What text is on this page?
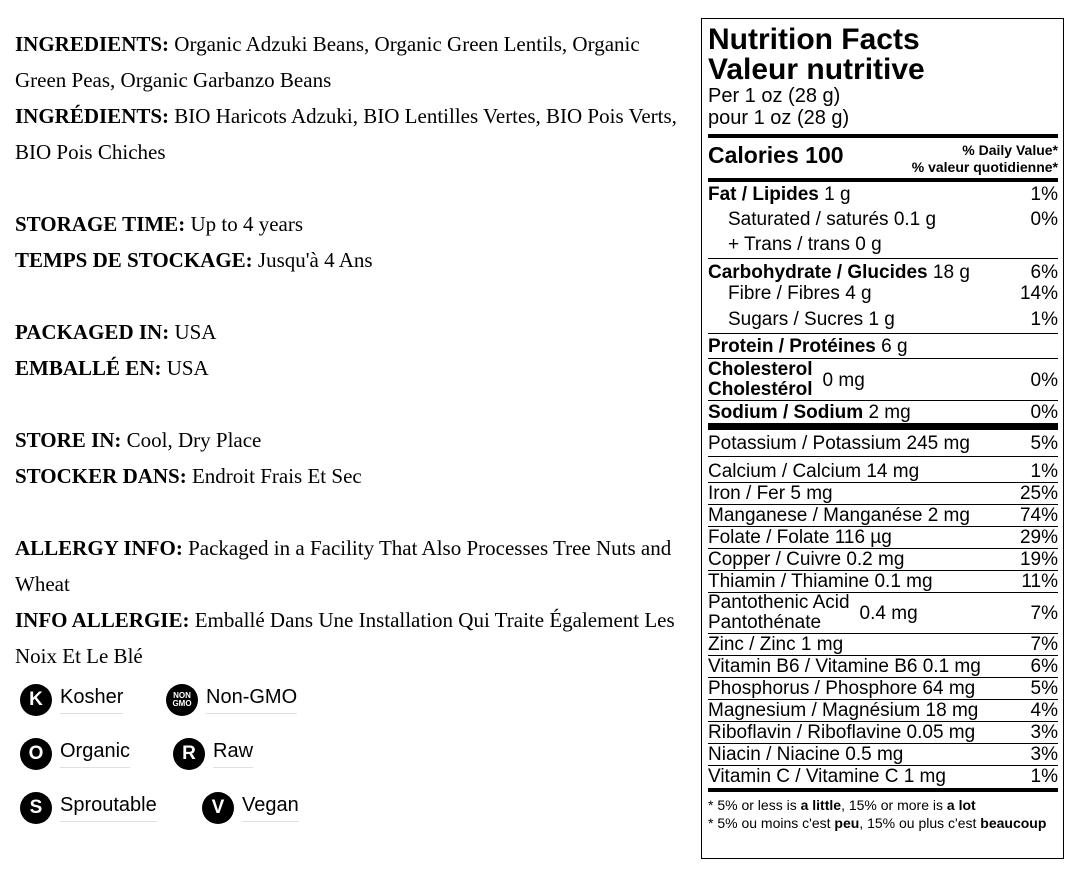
INGREDIENTS: Organic Adzuki Beans, Organic Green Lentils, Organic Green Peas, Organic Garbanzo Beans

INGRÉDIENTS: BIO Haricots Adzuki, BIO Lentilles Vertes, BIO Pois Verts, BIO Pois Chiches

STORAGE TIME: Up to 4 years

TEMPS DE STOCKAGE: Jusqu'à 4 Ans

PACKAGED IN: USA

EMBALLÉ EN: USA

STORE IN: Cool, Dry Place

STOCKER DANS: Endroit Frais Et Sec

ALLERGY INFO: Packaged in a Facility That Also Processes Tree Nuts and Wheat

INFO ALLERGIE: Emballé Dans Une Installation Qui Traite Également Les Noix Et Le Blé

K Kosher	NON
GMO Non-GMO
O Organic	R Raw
S Sproutable	V Vegan
Nutrition Facts
Valeur nutritive
Per 1 oz (28 g)
pour 1 oz (28 g)
Calories 100	% Daily Value*
% valeur quotidienne*
Fat / Lipides 1 g	1%
Saturated / saturés 0.1 g	0%
+ Trans / trans 0 g
Carbohydrate / Glucides 18 g	6%
Fibre / Fibres 4 g	14%
Sugars / Sucres 1 g	1%
Protein / Protéines 6 g
Cholesterol
Cholestérol 0 mg	0%
Sodium / Sodium 2 mg	0%
Potassium / Potassium 245 mg	5%
Calcium / Calcium 14 mg	1%
Iron / Fer 5 mg	25%
Manganese / Manganése 2 mg	74%
Folate / Folate 116 µg	29%
Copper / Cuivre 0.2 mg	19%
Thiamin / Thiamine 0.1 mg	11%
Pantothenic Acid
Pantothénate	0.4 mg	7%
Zinc / Zinc 1 mg	7%
Vitamin B6 / Vitamine B6 0.1 mg	6%
Phosphorus / Phosphore 64 mg	5%
Magnesium / Magnésium 18 mg	4%
Riboflavin / Riboflavine 0.05 mg	3%
Niacin / Niacine 0.5 mg	3%
Vitamin C / Vitamine C 1 mg	1%
* 5% or less is a little, 15% or more is a lot
* 5% ou moins c'est peu, 15% ou plus c'est beaucoup
